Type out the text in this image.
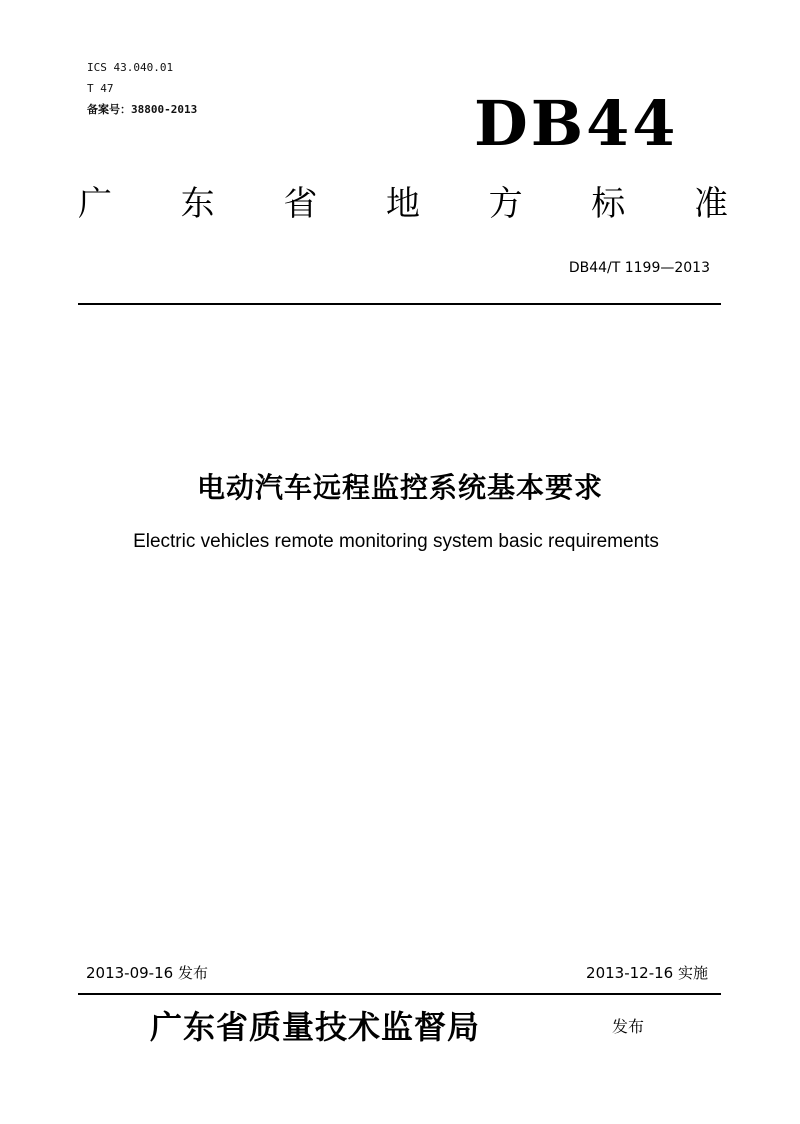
ICS 43.040.01
T 47
备案号：38800-2013	DB44
广 东 省 地 方 标 准
DB44/T 1199—2013
电动汽车远程监控系统基本要求
Electric vehicles remote monitoring system basic requirements
2013-09-16 发布	2013-12-16 实施
广东省质量技术监督局	发布
